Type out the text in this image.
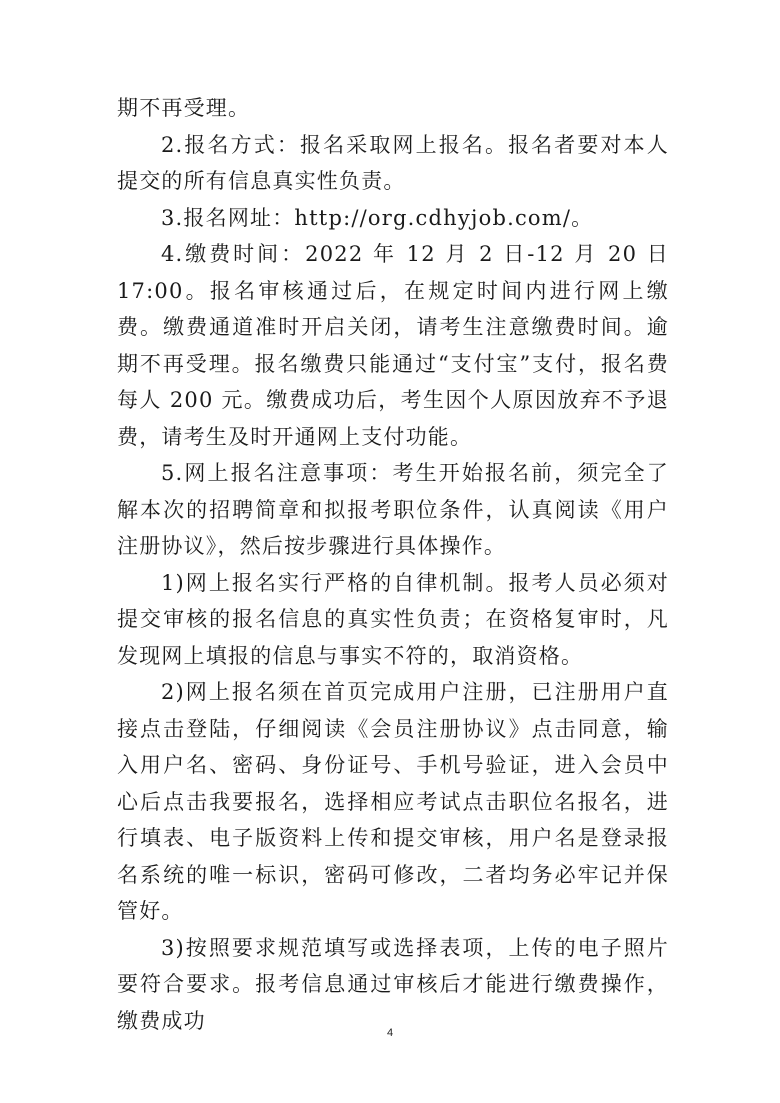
期不再受理。

2.报名方式：报名采取网上报名。报名者要对本人提交的所有信息真实性负责。

3.报名网址：http://org.cdhyjob.com/。

4.缴费时间：2022 年 12 月 2 日-12 月 20 日 17:00。报名审核通过后，在规定时间内进行网上缴费。缴费通道准时开启关闭，请考生注意缴费时间。逾期不再受理。报名缴费只能通过“支付宝”支付，报名费每人 200 元。缴费成功后，考生因个人原因放弃不予退费，请考生及时开通网上支付功能。

5.网上报名注意事项：考生开始报名前，须完全了解本次的招聘简章和拟报考职位条件，认真阅读《用户注册协议》，然后按步骤进行具体操作。

1)网上报名实行严格的自律机制。报考人员必须对提交审核的报名信息的真实性负责；在资格复审时，凡发现网上填报的信息与事实不符的，取消资格。

2)网上报名须在首页完成用户注册，已注册用户直接点击登陆，仔细阅读《会员注册协议》点击同意，输入用户名、密码、身份证号、手机号验证，进入会员中心后点击我要报名，选择相应考试点击职位名报名，进行填表、电子版资料上传和提交审核，用户名是登录报名系统的唯一标识，密码可修改，二者均务必牢记并保管好。

3)按照要求规范填写或选择表项，上传的电子照片要符合要求。报考信息通过审核后才能进行缴费操作，缴费成功

4
